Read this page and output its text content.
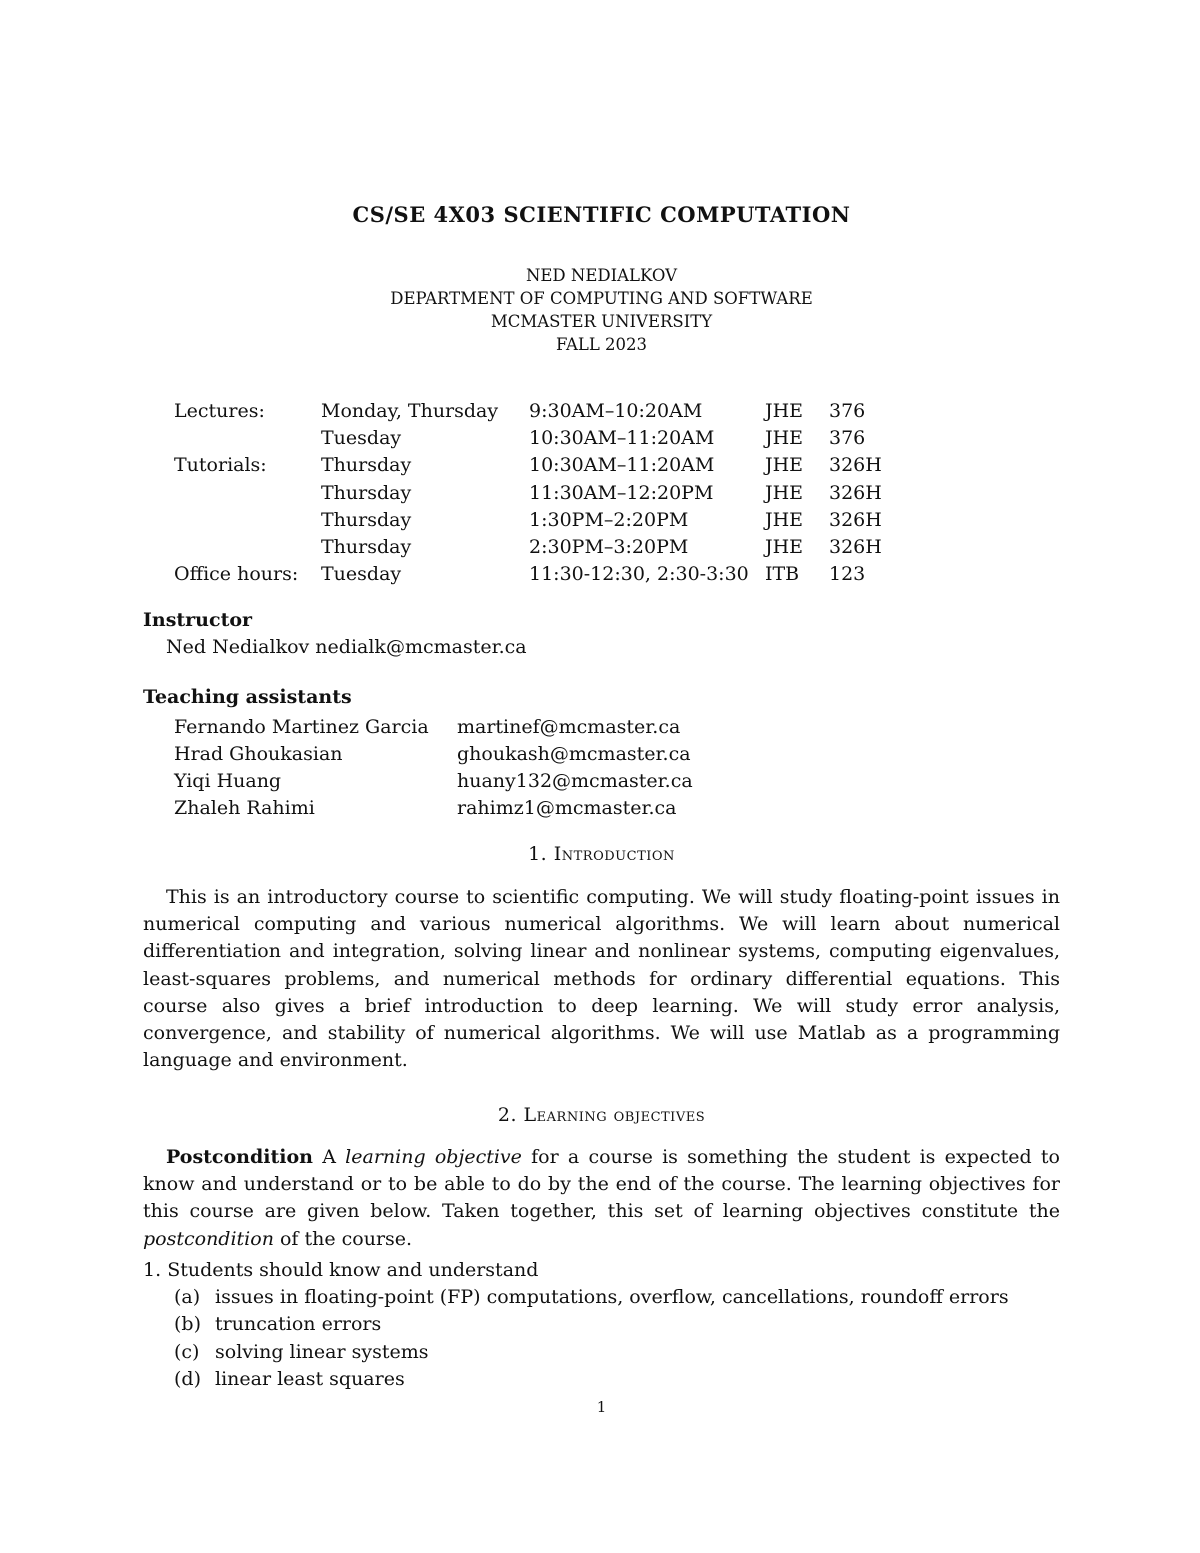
CS/SE 4X03 SCIENTIFIC COMPUTATION
NED NEDIALKOV
DEPARTMENT OF COMPUTING AND SOFTWARE
MCMASTER UNIVERSITY
FALL 2023
Lectures:	Monday, Thursday	9:30AM–10:20AM	JHE	376
	Tuesday	10:30AM–11:20AM	JHE	376
Tutorials:	Thursday	10:30AM–11:20AM	JHE	326H
	Thursday	11:30AM–12:20PM	JHE	326H
	Thursday	1:30PM–2:20PM	JHE	326H
	Thursday	2:30PM–3:20PM	JHE	326H
Office hours:	Tuesday	11:30-12:30, 2:30-3:30	ITB	123
Instructor
Ned Nedialkov nedialk@mcmaster.ca
Teaching assistants
Fernando Martinez Garcia	martinef@mcmaster.ca
Hrad Ghoukasian	ghoukash@mcmaster.ca
Yiqi Huang	huany132@mcmaster.ca
Zhaleh Rahimi	rahimz1@mcmaster.ca
1. Introduction
This is an introductory course to scientific computing. We will study floating-point issues in numerical computing and various numerical algorithms. We will learn about numerical differentiation and integration, solving linear and nonlinear systems, computing eigenvalues, least-squares problems, and numerical methods for ordinary differential equations. This course also gives a brief introduction to deep learning. We will study error analysis, convergence, and stability of numerical algorithms. We will use Matlab as a programming language and environment.
2. Learning objectives
Postcondition A learning objective for a course is something the student is expected to know and understand or to be able to do by the end of the course. The learning objectives for this course are given below. Taken together, this set of learning objectives constitute the postcondition of the course.
1. Students should know and understand
(a) issues in floating-point (FP) computations, overflow, cancellations, roundoff errors
(b) truncation errors
(c) solving linear systems
(d) linear least squares
1
